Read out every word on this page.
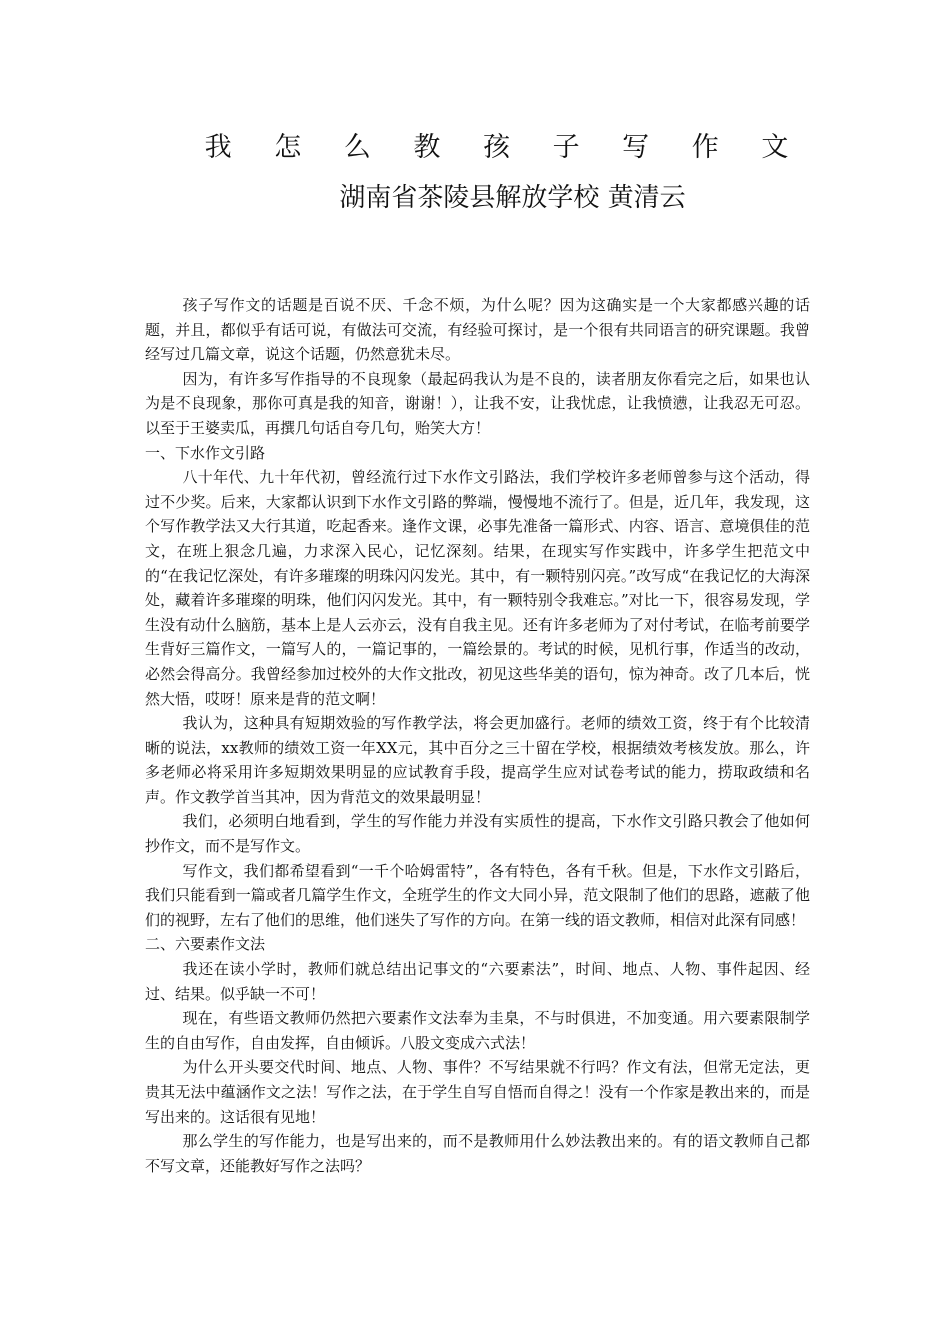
我 怎 么 教 孩 子 写 作 文
湖南省茶陵县解放学校 黄清云

孩子写作文的话题是百说不厌、千念不烦，为什么呢？因为这确实是一个大家都感兴趣的话题，并且，都似乎有话可说，有做法可交流，有经验可探讨，是一个很有共同语言的研究课题。我曾经写过几篇文章，说这个话题，仍然意犹未尽。

因为，有许多写作指导的不良现象（最起码我认为是不良的，读者朋友你看完之后，如果也认为是不良现象，那你可真是我的知音，谢谢！），让我不安，让我忧虑，让我愤懑，让我忍无可忍。以至于王婆卖瓜，再撰几句话自夸几句，贻笑大方！

一、下水作文引路

八十年代、九十年代初，曾经流行过下水作文引路法，我们学校许多老师曾参与这个活动，得过不少奖。后来，大家都认识到下水作文引路的弊端，慢慢地不流行了。但是，近几年，我发现，这个写作教学法又大行其道，吃起香来。逢作文课，必事先准备一篇形式、内容、语言、意境俱佳的范文，在班上狠念几遍，力求深入民心，记忆深刻。结果，在现实写作实践中，许多学生把范文中的“在我记忆深处，有许多璀璨的明珠闪闪发光。其中，有一颗特别闪亮。”改写成“在我记忆的大海深处，藏着许多璀璨的明珠，他们闪闪发光。其中，有一颗特别令我难忘。”对比一下，很容易发现，学生没有动什么脑筋，基本上是人云亦云，没有自我主见。还有许多老师为了对付考试，在临考前要学生背好三篇作文，一篇写人的，一篇记事的，一篇绘景的。考试的时候，见机行事，作适当的改动，必然会得高分。我曾经参加过校外的大作文批改，初见这些华美的语句，惊为神奇。改了几本后，恍然大悟，哎呀！原来是背的范文啊！

我认为，这种具有短期效验的写作教学法，将会更加盛行。老师的绩效工资，终于有个比较清晰的说法，xx教师的绩效工资一年XX元，其中百分之三十留在学校，根据绩效考核发放。那么，许多老师必将采用许多短期效果明显的应试教育手段，提高学生应对试卷考试的能力，捞取政绩和名声。作文教学首当其冲，因为背范文的效果最明显！

我们，必须明白地看到，学生的写作能力并没有实质性的提高，下水作文引路只教会了他如何抄作文，而不是写作文。

写作文，我们都希望看到“一千个哈姆雷特”，各有特色，各有千秋。但是，下水作文引路后，我们只能看到一篇或者几篇学生作文，全班学生的作文大同小异，范文限制了他们的思路，遮蔽了他们的视野，左右了他们的思维，他们迷失了写作的方向。在第一线的语文教师，相信对此深有同感！

二、六要素作文法

我还在读小学时，教师们就总结出记事文的“六要素法”，时间、地点、人物、事件起因、经过、结果。似乎缺一不可！

现在，有些语文教师仍然把六要素作文法奉为圭臬，不与时俱进，不加变通。用六要素限制学生的自由写作，自由发挥，自由倾诉。八股文变成六式法！

为什么开头要交代时间、地点、人物、事件？不写结果就不行吗？作文有法，但常无定法，更贵其无法中蕴涵作文之法！写作之法，在于学生自写自悟而自得之！没有一个作家是教出来的，而是写出来的。这话很有见地！

那么学生的写作能力，也是写出来的，而不是教师用什么妙法教出来的。有的语文教师自己都不写文章，还能教好写作之法吗？
